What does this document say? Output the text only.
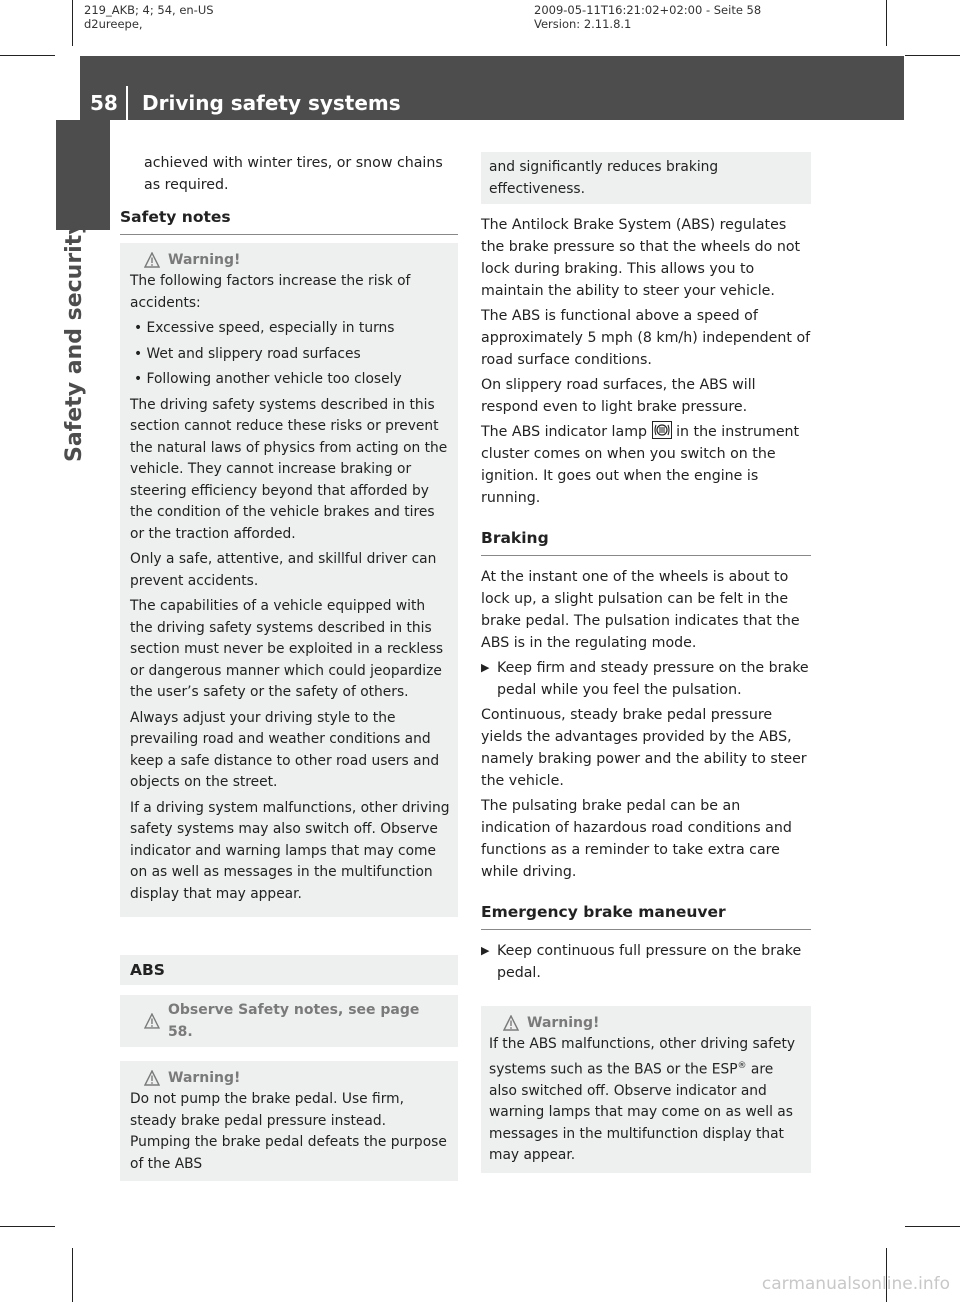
219_AKB; 4; 54, en-US
d2ureepe,
2009-05-11T16:21:02+02:00 - Seite 58
Version: 2.11.8.1
58 Driving safety systems
Safety and security

achieved with winter tires, or snow chains as required.

Safety notes
Warning!

The following factors increase the risk of accidents:

• Excessive speed, especially in turns

• Wet and slippery road surfaces

• Following another vehicle too closely

The driving safety systems described in this section cannot reduce these risks or prevent the natural laws of physics from acting on the vehicle. They cannot increase braking or steering efficiency beyond that afforded by the condition of the vehicle brakes and tires or the traction afforded.

Only a safe, attentive, and skillful driver can prevent accidents.

The capabilities of a vehicle equipped with the driving safety systems described in this section must never be exploited in a reckless or dangerous manner which could jeopardize the user’s safety or the safety of others.

Always adjust your driving style to the prevailing road and weather conditions and keep a safe distance to other road users and objects on the street.

If a driving system malfunctions, other driving safety systems may also switch off. Observe indicator and warning lamps that may come on as well as messages in the multifunction display that may appear.

ABS
Observe Safety notes, see page 58.
Warning!

Do not pump the brake pedal. Use firm, steady brake pedal pressure instead. Pumping the brake pedal defeats the purpose of the ABS

and significantly reduces braking effectiveness.

The Antilock Brake System (ABS) regulates the brake pressure so that the wheels do not lock during braking. This allows you to maintain the ability to steer your vehicle.

The ABS is functional above a speed of approximately 5 mph (8 km/h) independent of road surface conditions.

On slippery road surfaces, the ABS will respond even to light brake pressure.

The ABS indicator lamp in the instrument cluster comes on when you switch on the ignition. It goes out when the engine is running.

Braking

At the instant one of the wheels is about to lock up, a slight pulsation can be felt in the brake pedal. The pulsation indicates that the ABS is in the regulating mode.

▶ Keep firm and steady pressure on the brake pedal while you feel the pulsation.

Continuous, steady brake pedal pressure yields the advantages provided by the ABS, namely braking power and the ability to steer the vehicle.

The pulsating brake pedal can be an indication of hazardous road conditions and functions as a reminder to take extra care while driving.

Emergency brake maneuver
▶ Keep continuous full pressure on the brake pedal.
Warning!

If the ABS malfunctions, other driving safety systems such as the BAS or the ESP® are also switched off. Observe indicator and warning lamps that may come on as well as messages in the multifunction display that may appear.

carmanualsonline.info
